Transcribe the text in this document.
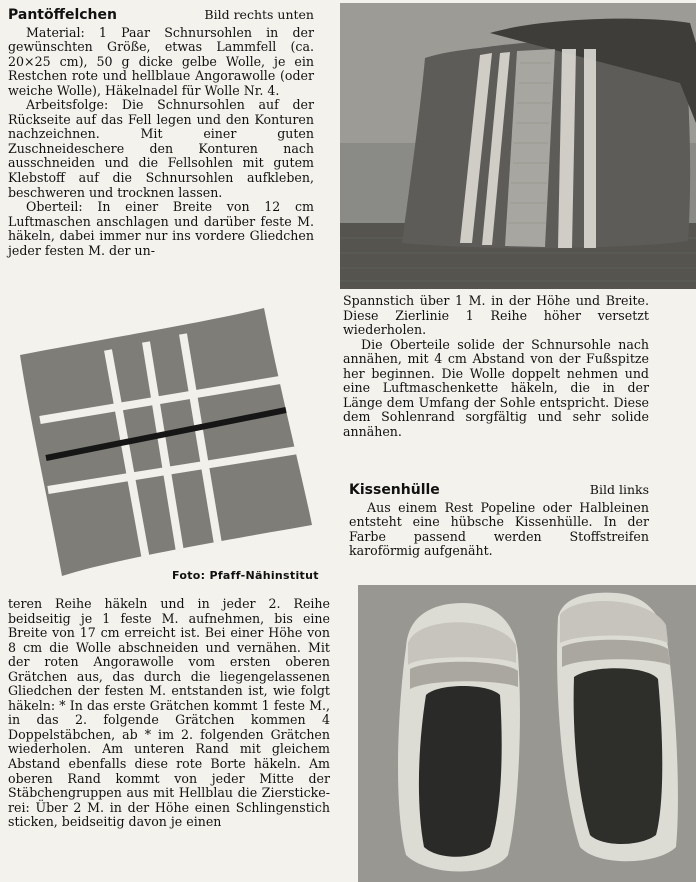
Pantöffelchen	Bild rechts unten

Material: 1 Paar Schnursohlen in der gewünschten Größe, etwas Lammfell (ca. 20×25 cm), 50 g dicke gelbe Wolle, je ein Restchen rote und hellblaue Angorawolle (oder weiche Wolle), Häkelnadel für Wolle Nr. 4.

Arbeitsfolge: Die Schnursohlen auf der Rückseite auf das Fell legen und den Konturen nachzeichnen. Mit einer guten Zuschneideschere den Konturen nach ausschneiden und die Fellsohlen mit gutem Klebstoff auf die Schnursohlen aufkleben, beschweren und trocknen lassen.

Oberteil: In einer Breite von 12 cm Luftmaschen anschlagen und darüber feste M. häkeln, dabei immer nur ins vordere Gliedchen jeder festen M. der un-

Foto: Pfaff-Nähinstitut

teren Reihe häkeln und in jeder 2. Reihe beidseitig je 1 feste M. aufnehmen, bis eine Breite von 17 cm erreicht ist. Bei einer Höhe von 8 cm die Wolle abschneiden und vernähen. Mit der roten Angorawolle vom ersten oberen Grätchen aus, das durch die liegengelassenen Gliedchen der festen M. entstanden ist, wie folgt häkeln: * In das erste Grätchen kommt 1 feste M., in das 2. folgende Grätchen kommen 4 Doppelstäbchen, ab * im 2. folgenden Grätchen wiederholen. Am unteren Rand mit gleichem Abstand ebenfalls diese rote Borte häkeln. Am oberen Rand kommt von jeder Mitte der Stäbchengruppen aus mit Hellblau die Zierstickerei: Über 2 M. in der Höhe einen Schlingenstich sticken, beidseitig davon je einen

Spannstich über 1 M. in der Höhe und Breite. Diese Zierlinie 1 Reihe höher versetzt wiederholen.

Die Oberteile solide der Schnursohle nach annähen, mit 4 cm Abstand von der Fußspitze her beginnen. Die Wolle doppelt nehmen und eine Luftmaschenkette häkeln, die in der Länge dem Umfang der Sohle entspricht. Diese dem Sohlenrand sorgfältig und sehr solide annähen.

Kissenhülle	Bild links

Aus einem Rest Popeline oder Halbleinen entsteht eine hübsche Kissenhülle. In der Farbe passend werden Stoffstreifen karoförmig aufgenäht.
